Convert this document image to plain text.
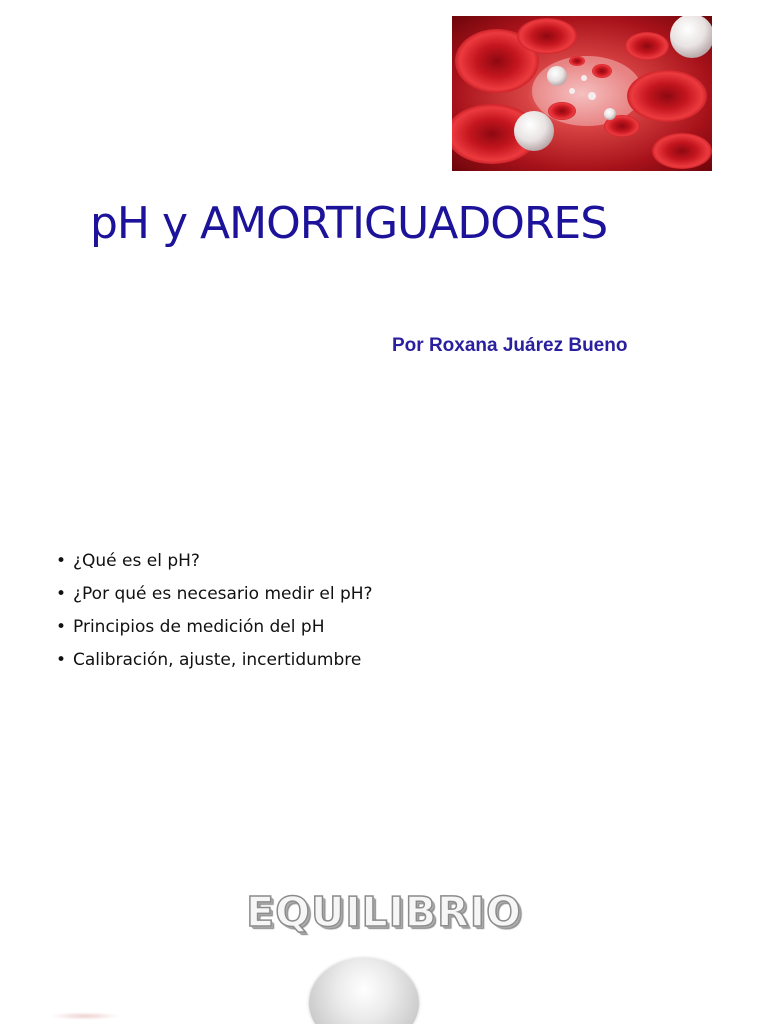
pH y AMORTIGUADORES

Por Roxana Juárez Bueno

• ¿Qué es el pH?
• ¿Por qué es necesario medir el pH?
• Principios de medición del pH
• Calibración, ajuste, incertidumbre
EQUILIBRIO
